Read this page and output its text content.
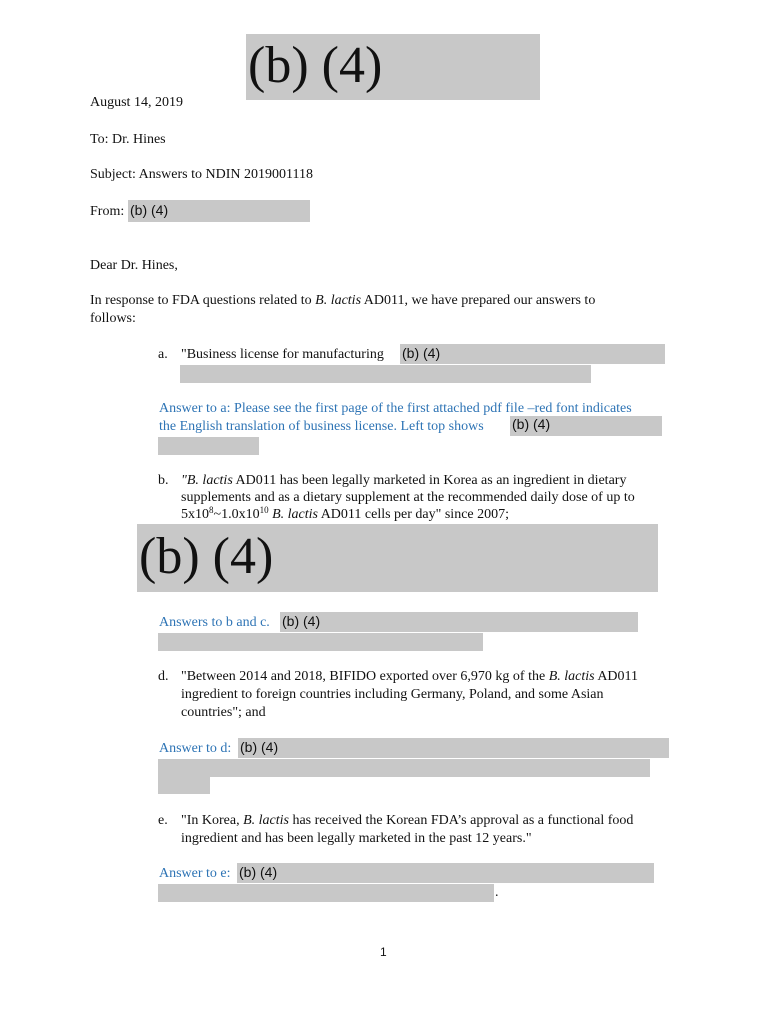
(b) (4)
August 14, 2019
To: Dr. Hines
Subject: Answers to NDIN 2019001118
From: (b) (4)
Dear Dr. Hines,
In response to FDA questions related to B. lactis AD011, we have prepared our answers to
follows:
a. "Business license for manufacturing (b) (4)
Answer to a: Please see the first page of the first attached pdf file –red font indicates
the English translation of business license. Left top shows (b) (4)
b. "B. lactis AD011 has been legally marketed in Korea as an ingredient in dietary
supplements and as a dietary supplement at the recommended daily dose of up to
$5x10^8\sim 1.0x10^{10}$ B. lactis AD011 cells per day" since 2007;
(b) (4)
Answers to b and c. (b) (4)
d. "Between 2014 and 2018, BIFIDO exported over 6,970 kg of the B. lactis AD011
ingredient to foreign countries including Germany, Poland, and some Asian
countries"; and
Answer to d: (b) (4)
e. "In Korea, B. lactis has received the Korean FDA’s approval as a functional food
ingredient and has been legally marketed in the past 12 years."
Answer to e: (b) (4)
.
1
